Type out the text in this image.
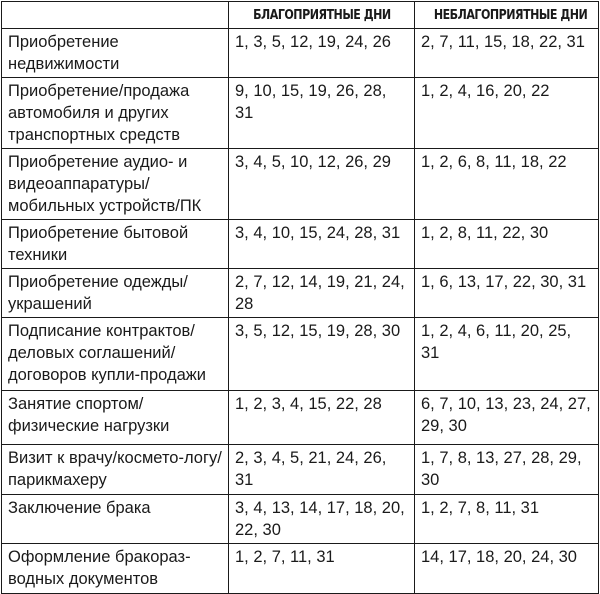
	БЛАГОПРИЯТНЫЕ ДНИ	НЕБЛАГОПРИЯТНЫЕ ДНИ
Приобретение недвижимости	1, 3, 5, 12, 19, 24, 26	2, 7, 11, 15, 18, 22, 31
Приобретение/продажа автомобиля и других транспортных средств	9, 10, 15, 19, 26, 28, 31	1, 2, 4, 16, 20, 22
Приобретение аудио- и видеоаппаратуры/ мобильных устройств/ПК	3, 4, 5, 10, 12, 26, 29	1, 2, 6, 8, 11, 18, 22
Приобретение бытовой техники	3, 4, 10, 15, 24, 28, 31	1, 2, 8, 11, 22, 30
Приобретение одежды/ украшений	2, 7, 12, 14, 19, 21, 24, 28	1, 6, 13, 17, 22, 30, 31
Подписание контрактов/ деловых соглашений/ договоров купли-продажи	3, 5, 12, 15, 19, 28, 30	1, 2, 4, 6, 11, 20, 25, 31
Занятие спортом/ физические нагрузки	1, 2, 3, 4, 15, 22, 28	6, 7, 10, 13, 23, 24, 27, 29, 30
Визит к врачу/космето-логу/парикмахеру	2, 3, 4, 5, 21, 24, 26, 31	1, 7, 8, 13, 27, 28, 29, 30
Заключение брака	3, 4, 13, 14, 17, 18, 20, 22, 30	1, 2, 7, 8, 11, 31
Оформление бракораз-водных документов	1, 2, 7, 11, 31	14, 17, 18, 20, 24, 30
